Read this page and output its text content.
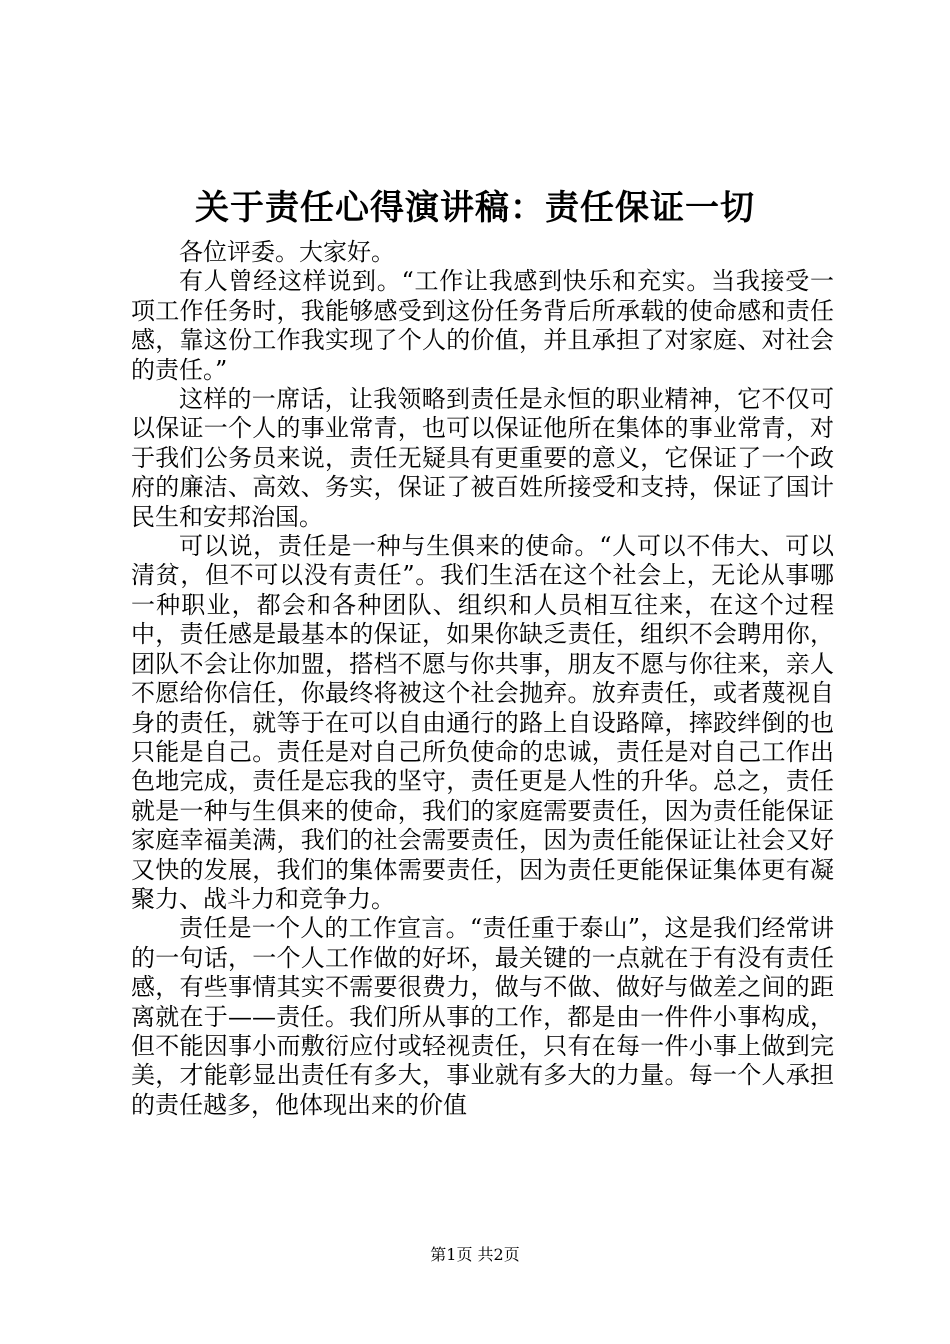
关于责任心得演讲稿：责任保证一切

各位评委。大家好。

有人曾经这样说到。“工作让我感到快乐和充实。当我接受一项工作任务时，我能够感受到这份任务背后所承载的使命感和责任感，靠这份工作我实现了个人的价值，并且承担了对家庭、对社会的责任。”

这样的一席话，让我领略到责任是永恒的职业精神，它不仅可以保证一个人的事业常青，也可以保证他所在集体的事业常青，对于我们公务员来说，责任无疑具有更重要的意义，它保证了一个政府的廉洁、高效、务实，保证了被百姓所接受和支持，保证了国计民生和安邦治国。

可以说，责任是一种与生俱来的使命。“人可以不伟大、可以清贫，但不可以没有责任”。我们生活在这个社会上，无论从事哪一种职业，都会和各种团队、组织和人员相互往来，在这个过程中，责任感是最基本的保证，如果你缺乏责任，组织不会聘用你，团队不会让你加盟，搭档不愿与你共事，朋友不愿与你往来，亲人不愿给你信任，你最终将被这个社会抛弃。放弃责任，或者蔑视自身的责任，就等于在可以自由通行的路上自设路障，摔跤绊倒的也只能是自己。责任是对自己所负使命的忠诚，责任是对自己工作出色地完成，责任是忘我的坚守，责任更是人性的升华。总之，责任就是一种与生俱来的使命，我们的家庭需要责任，因为责任能保证家庭幸福美满，我们的社会需要责任，因为责任能保证让社会又好又快的发展，我们的集体需要责任，因为责任更能保证集体更有凝聚力、战斗力和竞争力。

责任是一个人的工作宣言。“责任重于泰山”，这是我们经常讲的一句话，一个人工作做的好坏，最关键的一点就在于有没有责任感，有些事情其实不需要很费力，做与不做、做好与做差之间的距离就在于——责任。我们所从事的工作，都是由一件件小事构成，但不能因事小而敷衍应付或轻视责任，只有在每一件小事上做到完美，才能彰显出责任有多大，事业就有多大的力量。每一个人承担的责任越多，他体现出来的价值

第1页 共2页
